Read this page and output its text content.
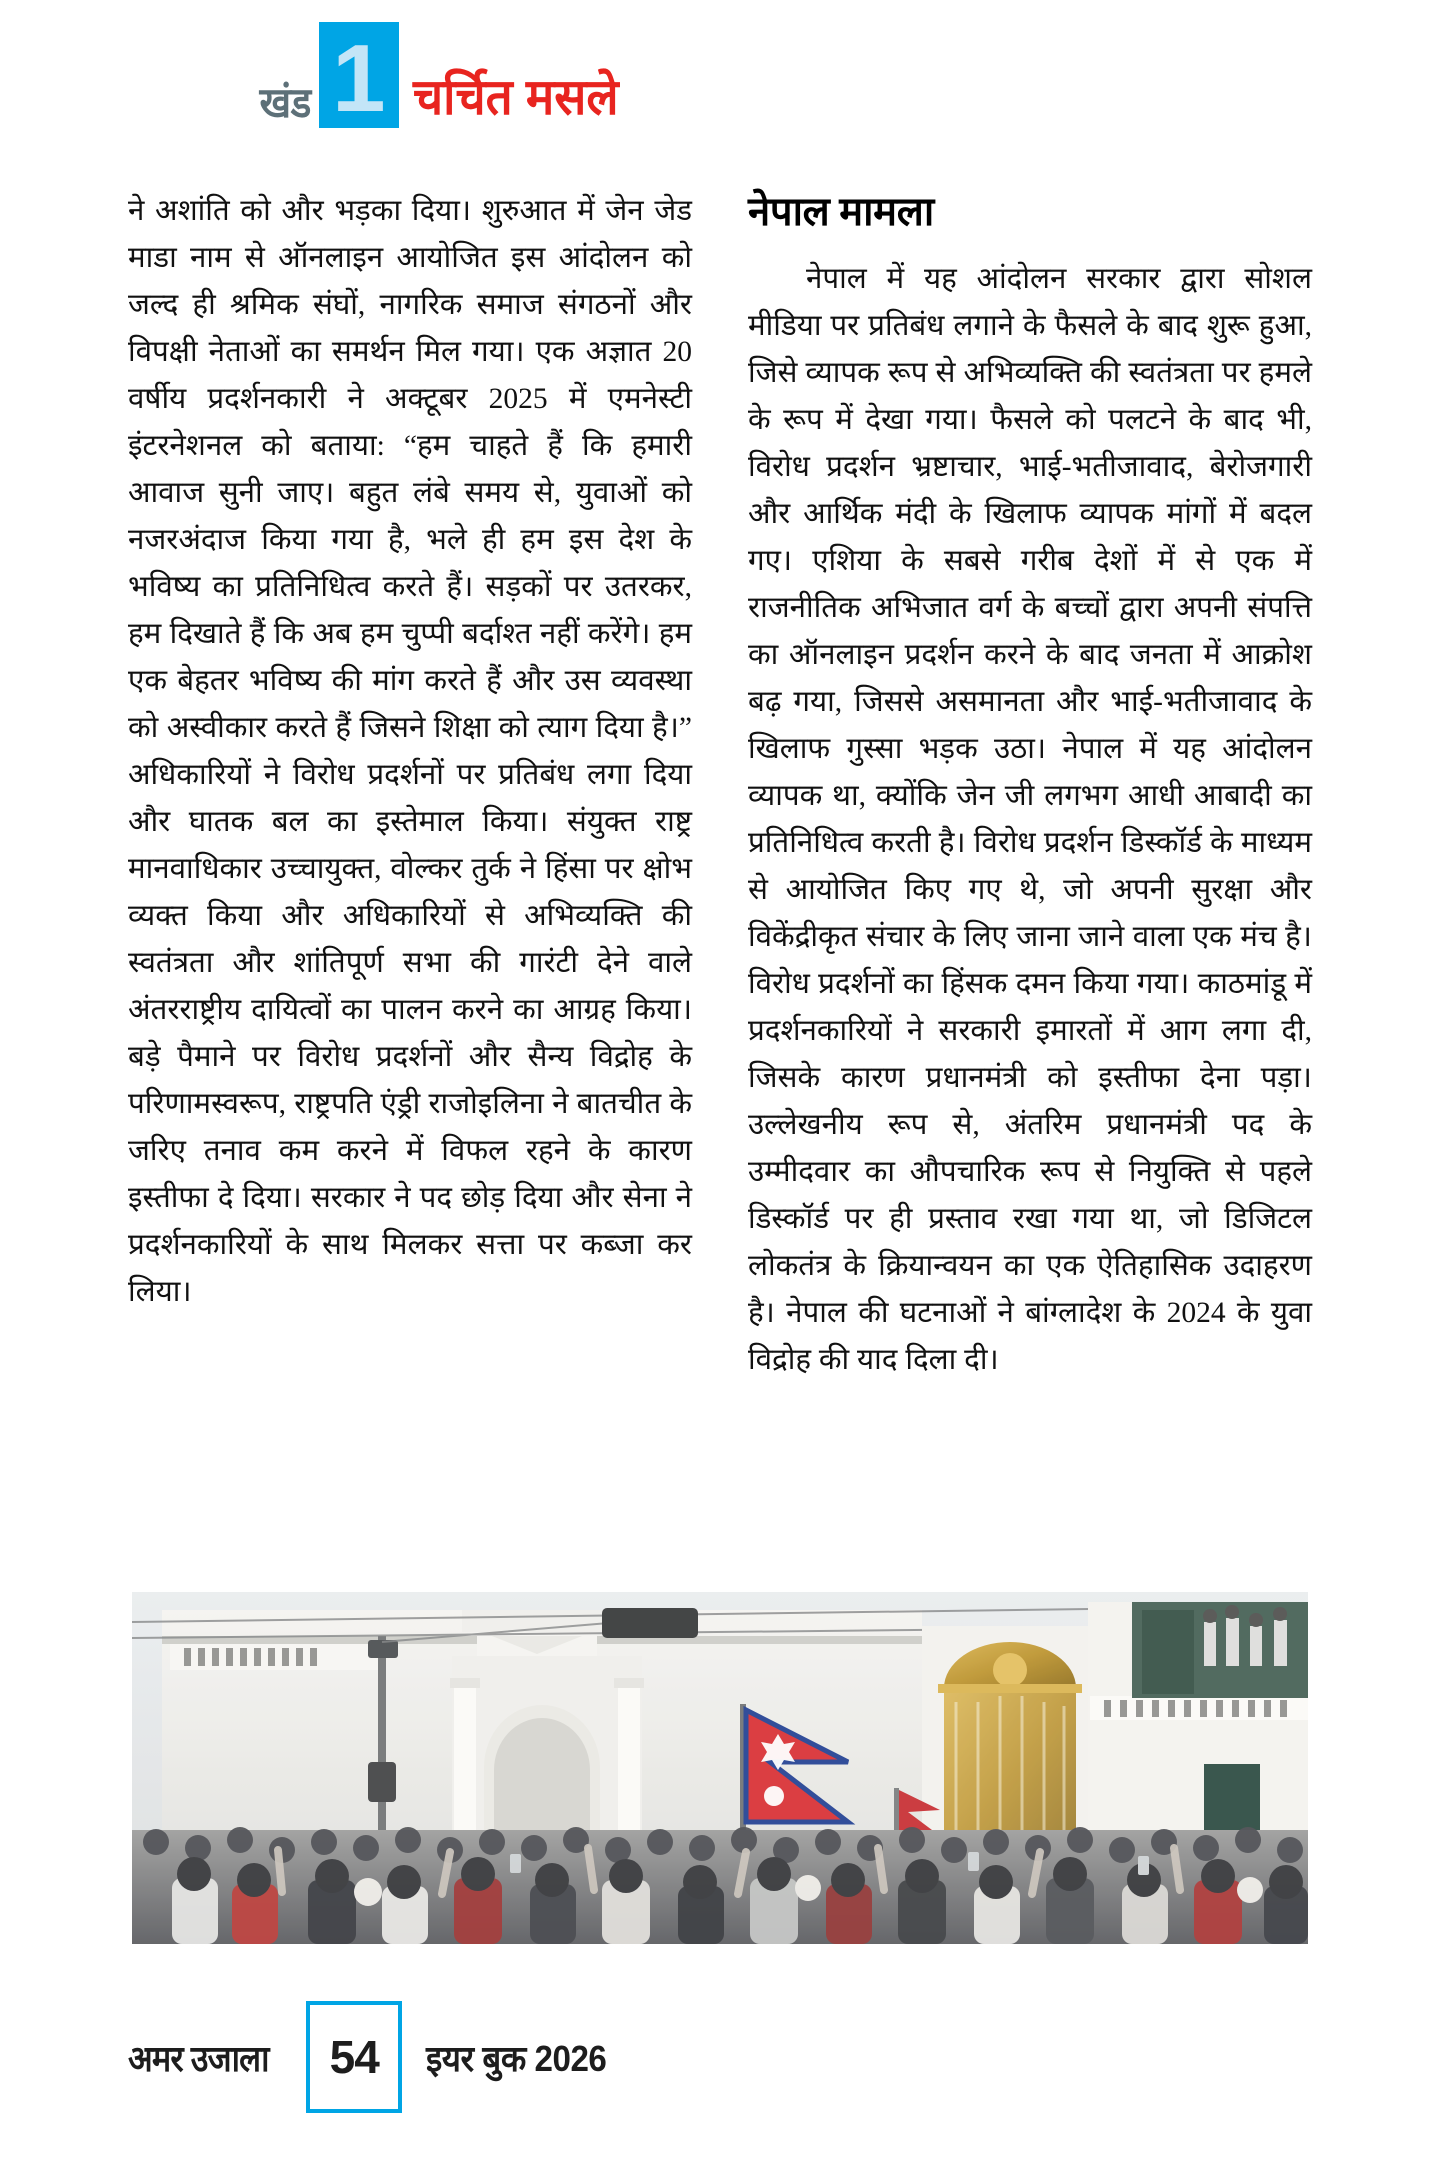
खंड 1 चर्चित मसले

ने अशांति को और भड़का दिया। शुरुआत में जेन जेड माडा नाम से ऑनलाइन आयोजित इस आंदोलन को जल्द ही श्रमिक संघों, नागरिक समाज संगठनों और विपक्षी नेताओं का समर्थन मिल गया। एक अज्ञात 20 वर्षीय प्रदर्शनकारी ने अक्टूबर 2025 में एमनेस्टी इंटरनेशनल को बताया: “हम चाहते हैं कि हमारी आवाज सुनी जाए। बहुत लंबे समय से, युवाओं को नजरअंदाज किया गया है, भले ही हम इस देश के भविष्य का प्रतिनिधित्व करते हैं। सड़कों पर उतरकर, हम दिखाते हैं कि अब हम चुप्पी बर्दाश्त नहीं करेंगे। हम एक बेहतर भविष्य की मांग करते हैं और उस व्यवस्था को अस्वीकार करते हैं जिसने शिक्षा को त्याग दिया है।” अधिकारियों ने विरोध प्रदर्शनों पर प्रतिबंध लगा दिया और घातक बल का इस्तेमाल किया। संयुक्त राष्ट्र मानवाधिकार उच्चायुक्त, वोल्कर तुर्क ने हिंसा पर क्षोभ व्यक्त किया और अधिकारियों से अभिव्यक्ति की स्वतंत्रता और शांतिपूर्ण सभा की गारंटी देने वाले अंतरराष्ट्रीय दायित्वों का पालन करने का आग्रह किया। बड़े पैमाने पर विरोध प्रदर्शनों और सैन्य विद्रोह के परिणामस्वरूप, राष्ट्रपति एंड्री राजोइलिना ने बातचीत के जरिए तनाव कम करने में विफल रहने के कारण इस्तीफा दे दिया। सरकार ने पद छोड़ दिया और सेना ने प्रदर्शनकारियों के साथ मिलकर सत्ता पर कब्जा कर लिया।

नेपाल मामला

नेपाल में यह आंदोलन सरकार द्वारा सोशल मीडिया पर प्रतिबंध लगाने के फैसले के बाद शुरू हुआ, जिसे व्यापक रूप से अभिव्यक्ति की स्वतंत्रता पर हमले के रूप में देखा गया। फैसले को पलटने के बाद भी, विरोध प्रदर्शन भ्रष्टाचार, भाई-भतीजावाद, बेरोजगारी और आर्थिक मंदी के खिलाफ व्यापक मांगों में बदल गए। एशिया के सबसे गरीब देशों में से एक में राजनीतिक अभिजात वर्ग के बच्चों द्वारा अपनी संपत्ति का ऑनलाइन प्रदर्शन करने के बाद जनता में आक्रोश बढ़ गया, जिससे असमानता और भाई-भतीजावाद के खिलाफ गुस्सा भड़क उठा। नेपाल में यह आंदोलन व्यापक था, क्योंकि जेन जी लगभग आधी आबादी का प्रतिनिधित्व करती है। विरोध प्रदर्शन डिस्कॉर्ड के माध्यम से आयोजित किए गए थे, जो अपनी सुरक्षा और विकेंद्रीकृत संचार के लिए जाना जाने वाला एक मंच है। विरोध प्रदर्शनों का हिंसक दमन किया गया। काठमांडू में प्रदर्शनकारियों ने सरकारी इमारतों में आग लगा दी, जिसके कारण प्रधानमंत्री को इस्तीफा देना पड़ा। उल्लेखनीय रूप से, अंतरिम प्रधानमंत्री पद के उम्मीदवार का औपचारिक रूप से नियुक्ति से पहले डिस्कॉर्ड पर ही प्रस्ताव रखा गया था, जो डिजिटल लोकतंत्र के क्रियान्वयन का एक ऐतिहासिक उदाहरण है। नेपाल की घटनाओं ने बांग्लादेश के 2024 के युवा विद्रोह की याद दिला दी।

अमर उजाला 54 इयर बुक 2026
